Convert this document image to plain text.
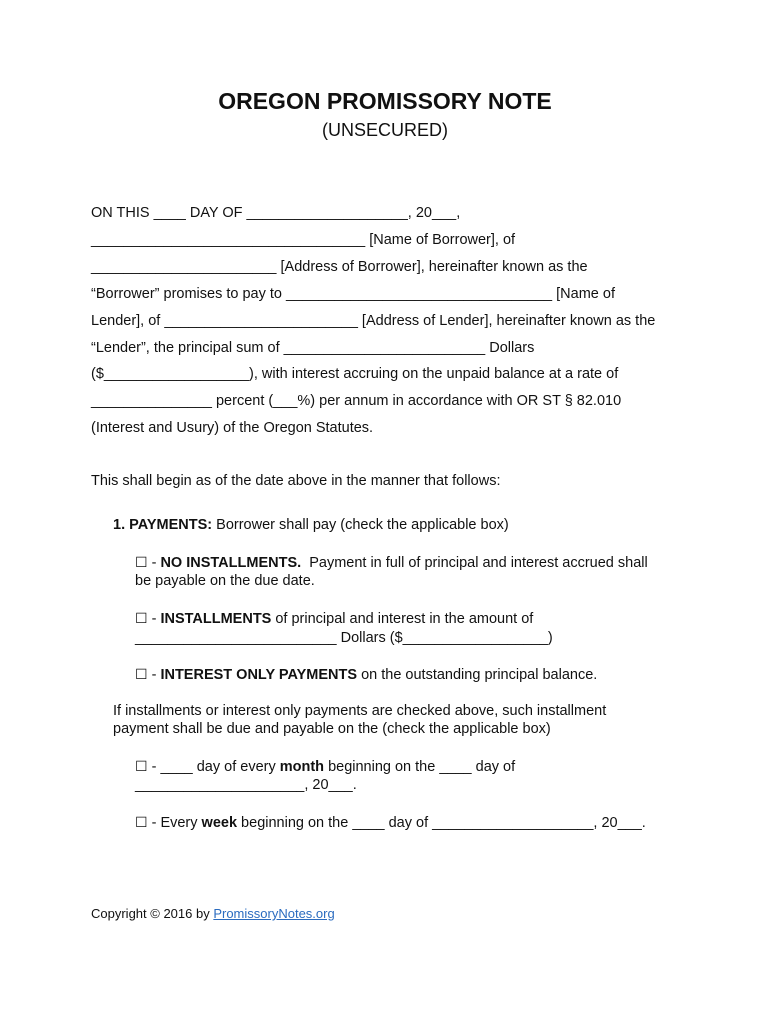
OREGON PROMISSORY NOTE
(UNSECURED)
ON THIS ____ DAY OF ____________________, 20___,
__________________________________ [Name of Borrower], of
_______________________ [Address of Borrower], hereinafter known as the
“Borrower” promises to pay to _________________________________ [Name of
Lender], of ________________________ [Address of Lender], hereinafter known as the
“Lender”, the principal sum of _________________________ Dollars
($__________________), with interest accruing on the unpaid balance at a rate of
_______________ percent (___%) per annum in accordance with OR ST § 82.010
(Interest and Usury) of the Oregon Statutes.
This shall begin as of the date above in the manner that follows:
1. PAYMENTS: Borrower shall pay (check the applicable box)
☐ - NO INSTALLMENTS.  Payment in full of principal and interest accrued shall
be payable on the due date.
☐ - INSTALLMENTS of principal and interest in the amount of
_________________________ Dollars ($__________________)
☐ - INTEREST ONLY PAYMENTS on the outstanding principal balance.
If installments or interest only payments are checked above, such installment
payment shall be due and payable on the (check the applicable box)
☐ - ____ day of every month beginning on the ____ day of
_____________________, 20___.
☐ - Every week beginning on the ____ day of ____________________, 20___.
Copyright © 2016 by PromissoryNotes.org
